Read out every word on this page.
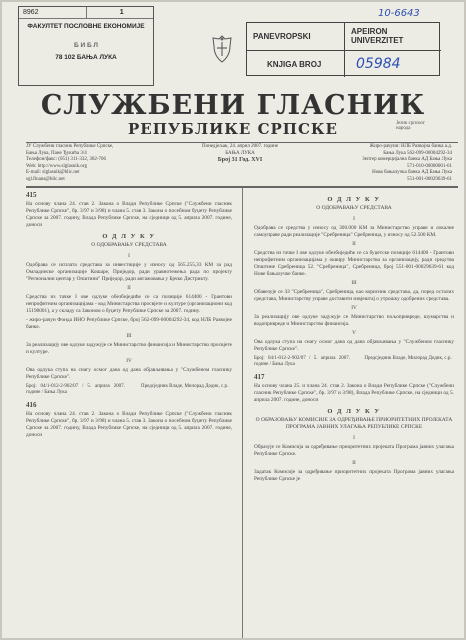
8962	1
ФАКУЛТЕТ ПОСЛОВНЕ ЕКОНОМИЈЕ
Б И Б Л
78 102 БАЊА ЛУКА
PANEVROPSKI
APEIRON UNIVERZITET
KNJIGA BROJ
10-6643
05984
СЛУЖБЕНИ ГЛАСНИК
РЕПУБЛИКЕ СРПСКЕ	Језик српског народа
ЈУ Службени гласник Републике Српске,
Бања Лука, Пане Ђукића 3/4
Телефон/факс: (051) 311-332, 302-706
Web: http://www.slglasnik.org
E-mail: slglasnik@blic.net
sgl.finans@blic.net
Понедјељак, 24. април 2007. године
БАЊА ЛУКА
Број 31 Год. XVI
Жиро-рачуни: НЛБ Развојна банка а.д.
Бања Лука 562-099-00004292-34
Зептер комерцијална банка АД Бања Лука
571-010-00000001-61
Нова бањалучка банка АД Бања Лука
551-001-00029639-61
415

На основу члана 24. став 2. Закона о Влади Републике Српске ("Службени гласник Републике Српске", бр. 3/97 и 3/98) и члана 5. став 3. Закона о посебном буџету Републике Српске за 2007. годину, Влада Републике Српске, на сједници од 5. априла 2007. године, доноси

О Д Л У К У
О ОДОБРАВАЊУ СРЕДСТАВА
I

Одобрава се исплата средстава за инвестиције у износу од 565.255,33 КМ за рад Омладинске организације Кошаре, Приједор, ради уравнотежења рада по пројекту "Регионални центар у Општини" Приједор, ради ангажовања у Брчко Дистрикту.

II

Средства из тачке I ове одлуке обезбиједиће се са позиције 614400 - Грантови непрофитним организацијама - код Министарства просвјете и културе (организациони код 15190001), а у складу са Законом о буџету Републике Српске за 2007. годину.

- жиро-рачун Фонда ИНО Републике Српске, број 562-099-00004292-34, код НЛБ Развојне банке.

III

За реализацију ове одлуке задужује се Министарство финансија и Министарство просвјете и културе.

IV

Ова одлука ступа на снагу осмог дана од дана објављивања у "Службеном гласнику Републике Српске".

Број: 04/1-012-2-902/07 / 5. априла 2007. године / Бања Лука
Предсједник Владе, Милорад Додик, с.р.
416

На основу члана 24. став 2. Закона о Влади Републике Српске ("Службени гласник Републике Српске", бр. 3/97 и 3/98) и члана 5. став 3. Закона о посебном буџету Републике Српске за 2007. годину, Влада Републике Српске, на сједници од 5. априла 2007. године, доноси

О Д Л У К У
О ОДОБРАВАЊУ СРЕДСТАВА
I

Одобрава се средства у износу од 300.000 КМ за Министарство управе и локалне самоуправе ради реализације "Сребреница" Сребреница, у износу од 52.500 КМ.

II

Средства из тачке I ове одлуке обезбиједиће се са буџетске позиције 614400 - Грантови непрофитним организацијама у оквиру Министарства за организацију, ради средства Општине Сребреница 52. "Сребреница", Сребреница, број 551-001-00029639-61 код Нове бањалучке банке.

III

Обавезује се ЗЗ "Сребреница", Сребреница, као корисник средстава, да, поред осталих средстава, Министарству управе доставити извјештај о утрошку одобрених средстава.

IV

За реализацију ове одлуке задужује се Министарство пољопривреде, шумарства и водопривреде и Министарство финансија.

V

Ова одлука ступа на снагу осмог дана од дана објављивања у "Службеном гласнику Републике Српске".

Број: 04/1-012-2-902/07 / 5. априла 2007. године / Бања Лука
Предсједник Владе, Милорад Додик, с.р.
417

На основу члана 25. и члана 24. став 2. Закона о Влади Републике Српске ("Службени гласник Републике Српске", бр. 3/97 и 3/98), Влада Републике Српске, на сједници од 5. априла 2007. године, доноси

О Д Л У К У
О ОБРАЗОВАЊУ КОМИСИЈЕ ЗА ОДРЕЂИВАЊЕ ПРИОРИТЕТНИХ ПРОЈЕКАТА ПРОГРАМА ЈАВНИХ УЛАГАЊА РЕПУБЛИКЕ СРПСКЕ
I

Образује се Комисија за одређивање приоритетних пројеката Програма јавних улагања Републике Српске.

II

Задатак Комисије за одређивање приоритетних пројеката Програма јавних улагања Републике Српске је
